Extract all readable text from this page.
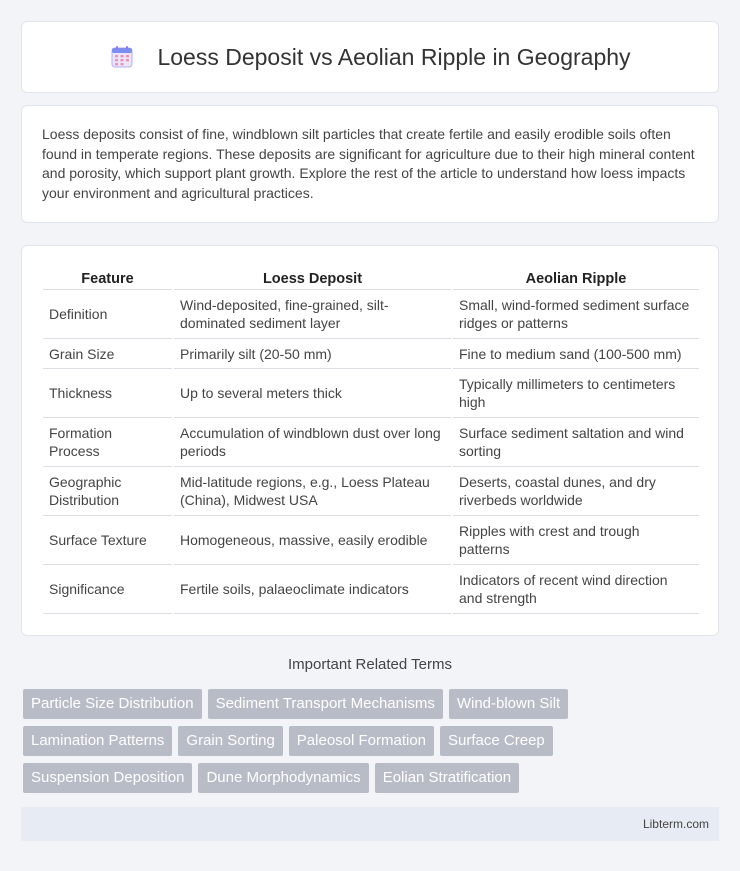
Loess Deposit vs Aeolian Ripple in Geography

Loess deposits consist of fine, windblown silt particles that create fertile and easily erodible soils often found in temperate regions. These deposits are significant for agriculture due to their high mineral content and porosity, which support plant growth. Explore the rest of the article to understand how loess impacts your environment and agricultural practices.

Feature	Loess Deposit	Aeolian Ripple
Definition	Wind-deposited, fine-grained, silt-dominated sediment layer	Small, wind-formed sediment surface ridges or patterns
Grain Size	Primarily silt (20-50 mm)	Fine to medium sand (100-500 mm)
Thickness	Up to several meters thick	Typically millimeters to centimeters high
Formation Process	Accumulation of windblown dust over long periods	Surface sediment saltation and wind sorting
Geographic Distribution	Mid-latitude regions, e.g., Loess Plateau (China), Midwest USA	Deserts, coastal dunes, and dry riverbeds worldwide
Surface Texture	Homogeneous, massive, easily erodible	Ripples with crest and trough patterns
Significance	Fertile soils, palaeoclimate indicators	Indicators of recent wind direction and strength
Important Related Terms
Particle Size Distribution	Sediment Transport Mechanisms	Wind-blown Silt
Lamination Patterns	Grain Sorting	Paleosol Formation	Surface Creep
Suspension Deposition	Dune Morphodynamics	Eolian Stratification
Libterm.com
